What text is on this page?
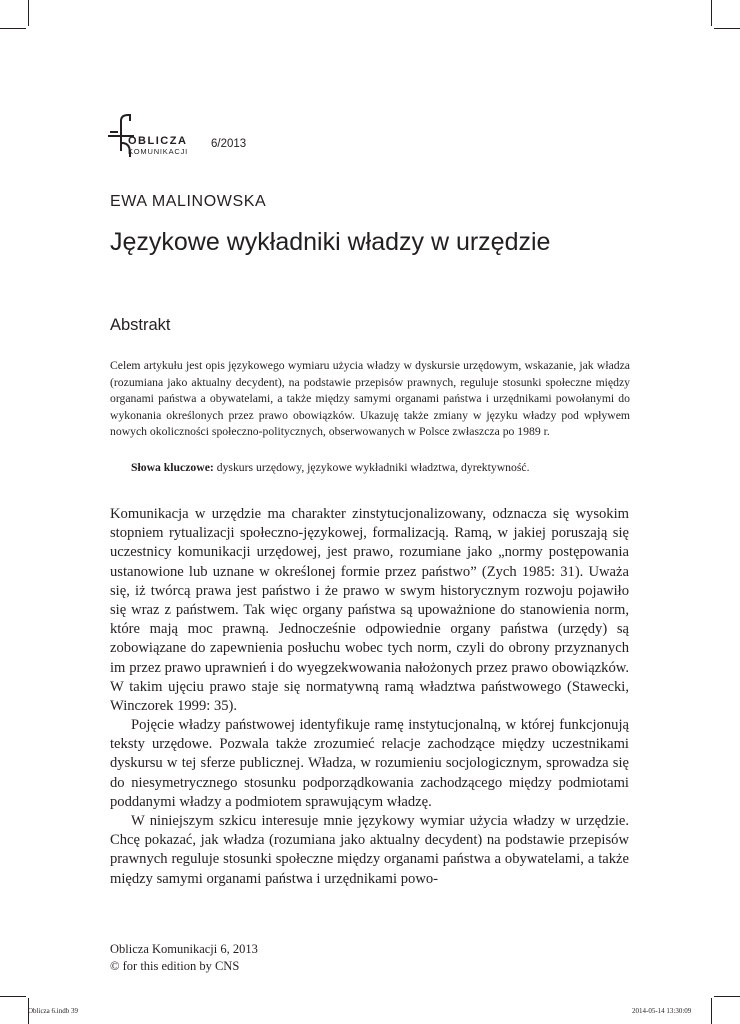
OBLICZA
KOMUNIKACJI
6/2013
EWA MALINOWSKA
Językowe wykładniki władzy w urzędzie
Abstrakt
Celem artykułu jest opis językowego wymiaru użycia władzy w dyskursie urzędowym, wskazanie, jak władza (rozumiana jako aktualny decydent), na podstawie przepisów prawnych, reguluje stosunki społeczne między organami państwa a obywatelami, a także między samymi organami państwa i urzędnikami powołanymi do wykonania określonych przez prawo obowiązków. Ukazuję także zmiany w języku władzy pod wpływem nowych okoliczności społeczno-politycznych, obserwowanych w Polsce zwłaszcza po 1989 r.
Słowa kluczowe: dyskurs urzędowy, językowe wykładniki władztwa, dyrektywność.

Komunikacja w urzędzie ma charakter zinstytucjonalizowany, odznacza się wysokim stopniem rytualizacji społeczno-językowej, formalizacją. Ramą, w jakiej poruszają się uczestnicy komunikacji urzędowej, jest prawo, rozumiane jako „normy postępowania ustanowione lub uznane w określonej formie przez państwo” (Zych 1985: 31). Uważa się, iż twórcą prawa jest państwo i że prawo w swym historycznym rozwoju pojawiło się wraz z państwem. Tak więc organy państwa są upoważnione do stanowienia norm, które mają moc prawną. Jednocześnie odpowiednie organy państwa (urzędy) są zobowiązane do zapewnienia posłuchu wobec tych norm, czyli do obrony przyznanych im przez prawo uprawnień i do wyegzekwowania nałożonych przez prawo obowiązków. W takim ujęciu prawo staje się normatywną ramą władztwa państwowego (Stawecki, Winczorek 1999: 35).

Pojęcie władzy państwowej identyfikuje ramę instytucjonalną, w której funkcjonują teksty urzędowe. Pozwala także zrozumieć relacje zachodzące między uczestnikami dyskursu w tej sferze publicznej. Władza, w rozumieniu socjologicznym, sprowadza się do niesymetrycznego stosunku podporządkowania zachodzącego między podmiotami poddanymi władzy a podmiotem sprawującym władzę.

W niniejszym szkicu interesuje mnie językowy wymiar użycia władzy w urzędzie. Chcę pokazać, jak władza (rozumiana jako aktualny decydent) na podstawie przepisów prawnych reguluje stosunki społeczne między organami państwa a obywatelami, a także między samymi organami państwa i urzędnikami powo-

Oblicza Komunikacji 6, 2013
© for this edition by CNS
Oblicza 6.indb 39	2014-05-14 13:30:09
